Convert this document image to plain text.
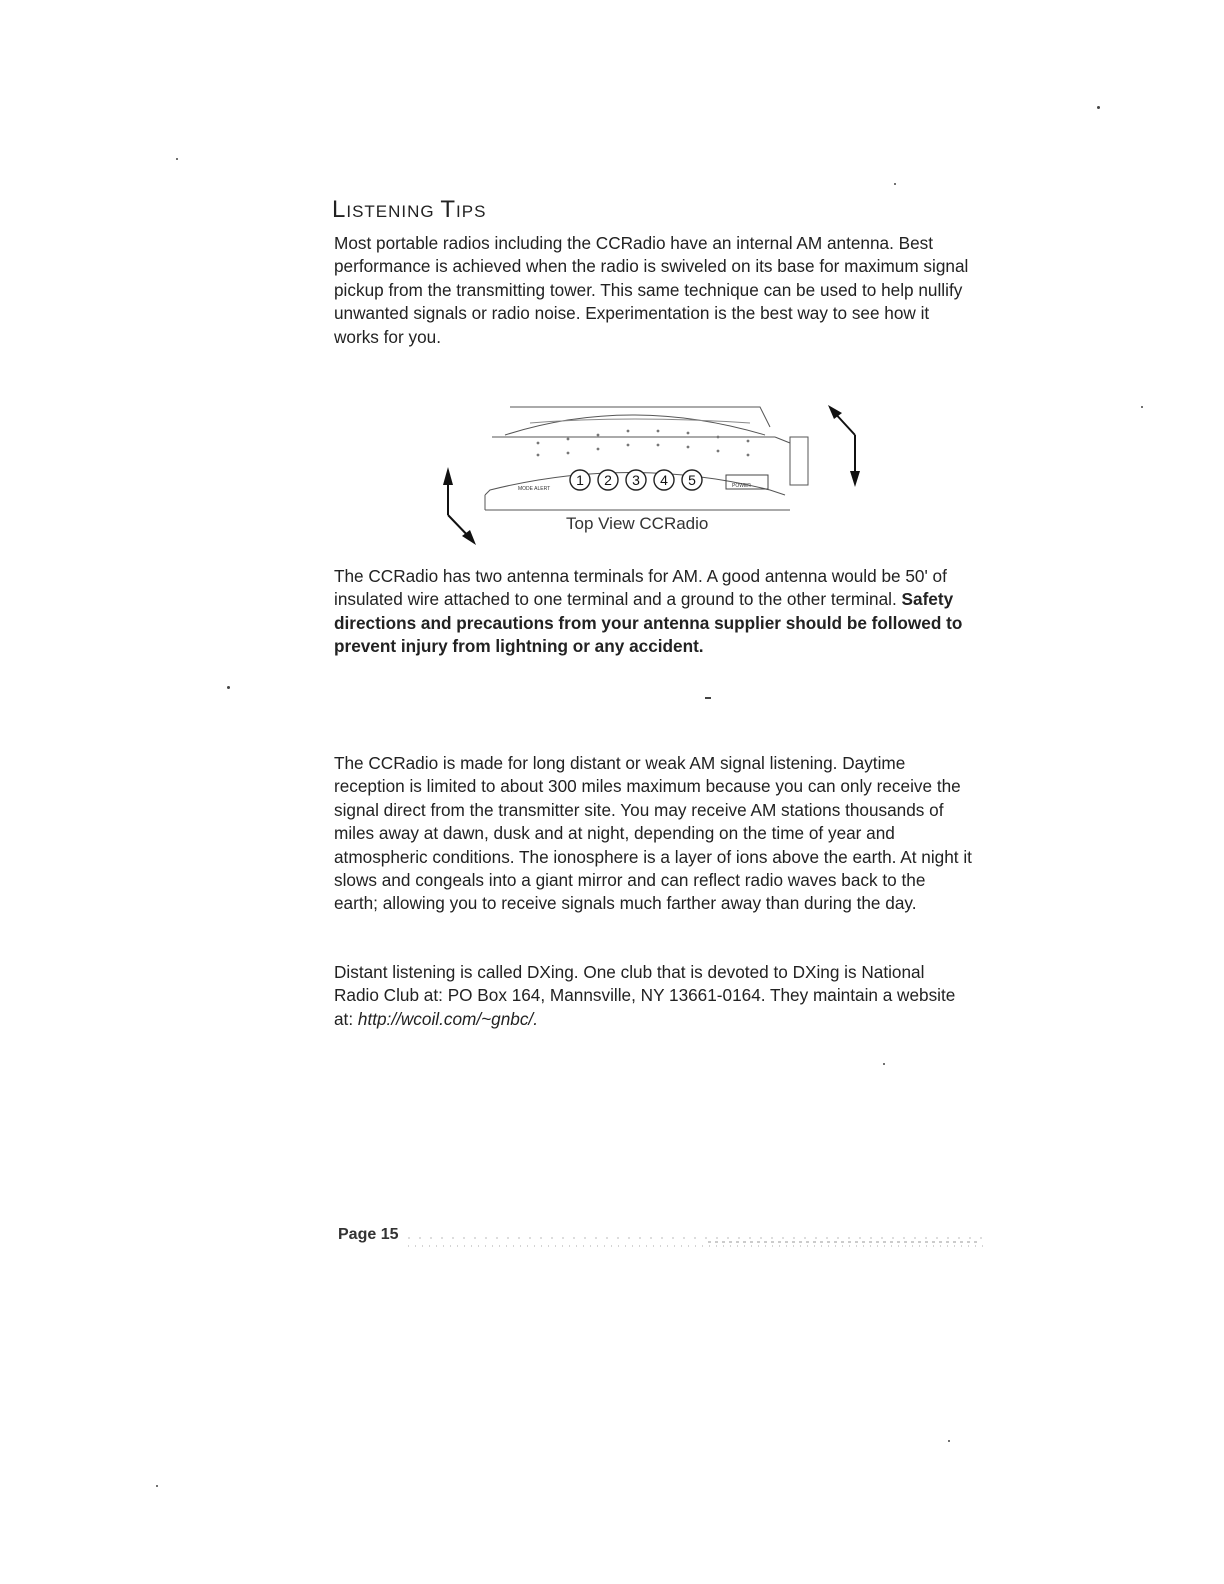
LISTENING TIPS

Most portable radios including the CCRadio have an internal AM antenna. Best performance is achieved when the radio is swiveled on its base for maximum signal pickup from the transmitting tower. This same technique can be used to help nullify unwanted signals or radio noise. Experimentation is the best way to see how it works for you.

1 2 3 4 5
MODE ALERT	POWER
Top View CCRadio

The CCRadio has two antenna terminals for AM. A good antenna would be 50' of insulated wire attached to one terminal and a ground to the other terminal. Safety directions and precautions from your antenna supplier should be followed to prevent injury from lightning or any accident.

The CCRadio is made for long distant or weak AM signal listening. Daytime reception is limited to about 300 miles maximum because you can only receive the signal direct from the transmitter site. You may receive AM stations thousands of miles away at dawn, dusk and at night, depending on the time of year and atmospheric conditions. The ionosphere is a layer of ions above the earth. At night it slows and congeals into a giant mirror and can reflect radio waves back to the earth; allowing you to receive signals much farther away than during the day.

Distant listening is called DXing. One club that is devoted to DXing is National Radio Club at: PO Box 164, Mannsville, NY 13661-0164. They maintain a website at: http://wcoil.com/~gnbc/.

Page 15
